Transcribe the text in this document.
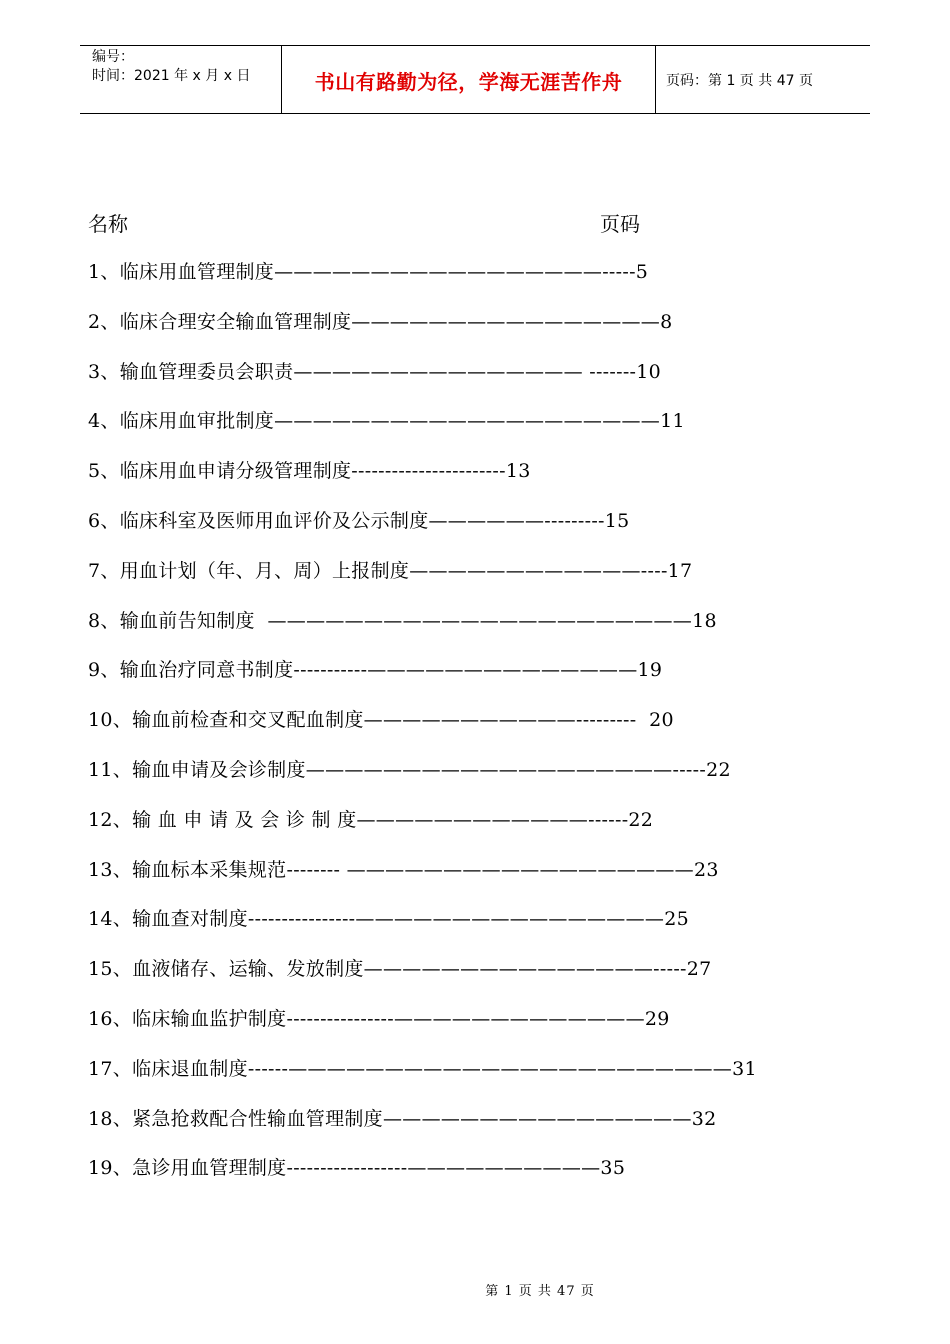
编号：
时间：2021 年 x 月 x 日	书山有路勤为径，学海无涯苦作舟	页码：第 1 页 共 47 页
名称	页码
1、临床用血管理制度—————————————————-----5
2、临床合理安全输血管理制度————————————————8
3、输血管理委员会职责——————————————— -------10
4、临床用血审批制度————————————————————11
5、临床用血申请分级管理制度-----------------------13
6、临床科室及医师用血评价及公示制度——————---------15
7、用血计划（年、月、周）上报制度————————————----17
8、输血前告知制度  ——————————————————————18
9、输血治疗同意书制度-----------——————————————19
10、输血前检查和交叉配血制度———————————---------  20
11、输血申请及会诊制度———————————————————-----22
12、输 血 申 请 及 会 诊 制 度————————————------22
13、输血标本采集规范-------- ——————————————————23
14、输血查对制度----------------————————————————25
15、血液储存、运输、发放制度———————————————-----27
16、临床输血监护制度----------------—————————————29
17、临床退血制度------———————————————————————31
18、紧急抢救配合性输血管理制度————————————————32
19、急诊用血管理制度------------------——————————35
第 1 页 共 47 页
